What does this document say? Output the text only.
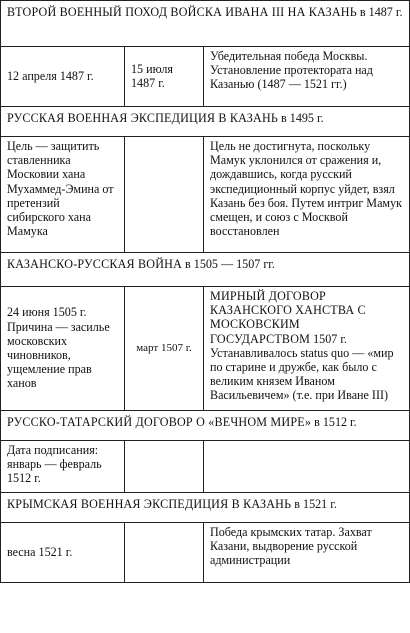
ВТОРОЙ ВОЕННЫЙ ПОХОД ВОЙСКА ИВАНА III НА КАЗАНЬ в 1487 г.		
12 апреля 1487 г.	15 июля 1487 г.	Убедительная победа Москвы. Установление протектората над Казанью (1487 — 1521 гг.)
РУССКАЯ ВОЕННАЯ ЭКСПЕДИЦИЯ В КАЗАНЬ в 1495 г.		
Цель — защитить ставленника Московии хана Мухаммед-Эмина от претензий сибирского хана Мамука		Цель не достигнута, поскольку Мамук уклонился от сражения и, дождавшись, когда русский экспедиционный корпус уйдет, взял Казань без боя. Путем интриг Мамук смещен, и союз с Москвой восстановлен
КАЗАНСКО-РУССКАЯ ВОЙНА в 1505 — 1507 гг.		
24 июня 1505 г. Причина — засилье московских чиновников, ущемление прав ханов	март 1507 г.	МИРНЫЙ ДОГОВОР КАЗАНСКОГО ХАНСТВА С МОСКОВСКИМ ГОСУДАРСТВОМ 1507 г.
Устанавливалось status quo — «мир по старине и дружбе, как было с великим князем Иваном Васильевичем» (т.е. при Иване III)
РУССКО-ТАТАРСКИЙ ДОГОВОР О «ВЕЧНОМ МИРЕ» в 1512 г.		
Дата подписания: январь — февраль 1512 г.		
КРЫМСКАЯ ВОЕННАЯ ЭКСПЕДИЦИЯ В КАЗАНЬ в 1521 г.		
весна 1521 г.		Победа крымских татар. Захват Казани, выдворение русской администрации
